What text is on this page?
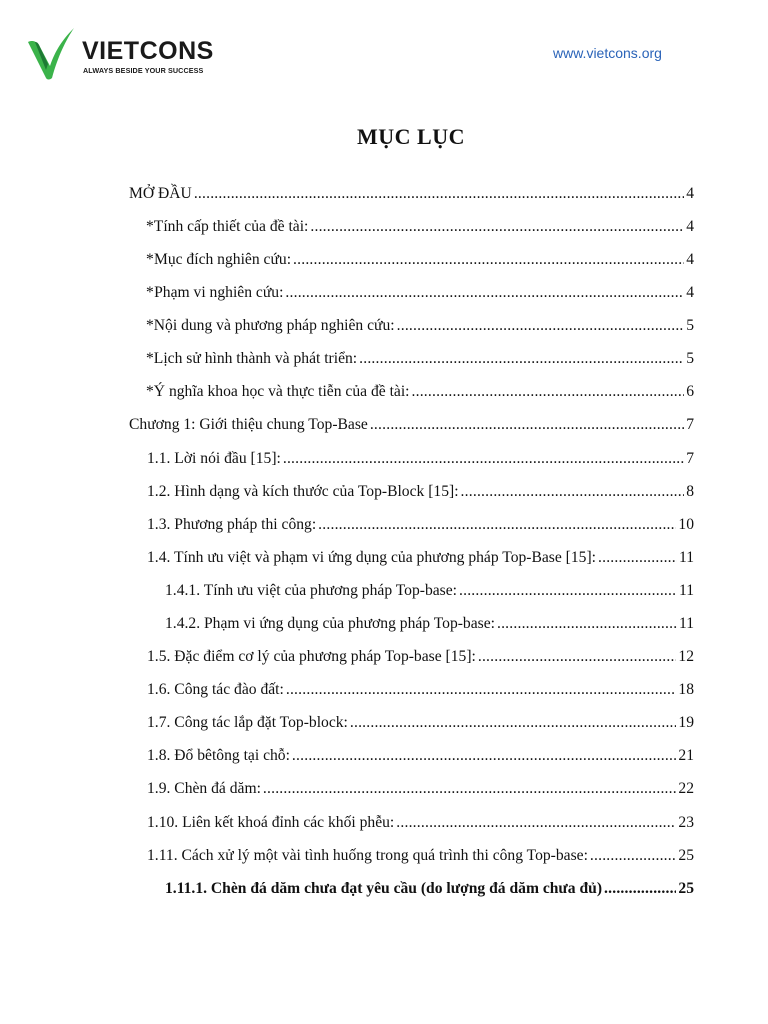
VIETCONS
ALWAYS BESIDE YOUR SUCCESS
www.vietcons.org
MỤC LỤC
MỞ ĐẦU .....	4
* Tính cấp thiết của đề tài: .....	4
* Mục đích nghiên cứu: .....	4
* Phạm vi nghiên cứu: .....	4
* Nội dung và phương pháp nghiên cứu: .....	5
* Lịch sử hình thành và phát triển: .....	5
* Ý nghĩa khoa học và thực tiễn của đề tài: .....	6
Chương 1: Giới thiệu chung Top-Base .....	7
1.1. Lời nói đầu [15]: .....	7
1.2. Hình dạng và kích thước của Top-Block [15]: .....	8
1.3. Phương pháp thi công: .....	10
1.4. Tính ưu việt và phạm vi ứng dụng của phương pháp Top-Base [15]: .....	11
1.4.1. Tính ưu việt của phương pháp Top-base: .....	11
1.4.2. Phạm vi ứng dụng của phương pháp Top-base: .....	11
1.5. Đặc điểm cơ lý của phương pháp Top-base [15]: .....	12
1.6. Công tác đào đất: .....	18
1.7. Công tác lắp đặt Top-block: .....	19
1.8. Đổ bêtông tại chỗ: .....	21
1.9. Chèn đá dăm: .....	22
1.10. Liên kết khoá đỉnh các khối phễu: .....	23
1.11. Cách xử lý một vài tình huống trong quá trình thi công Top-base: .....	25
1.11.1. Chèn đá dăm chưa đạt yêu cầu (do lượng đá dăm chưa đủ) .....	25
